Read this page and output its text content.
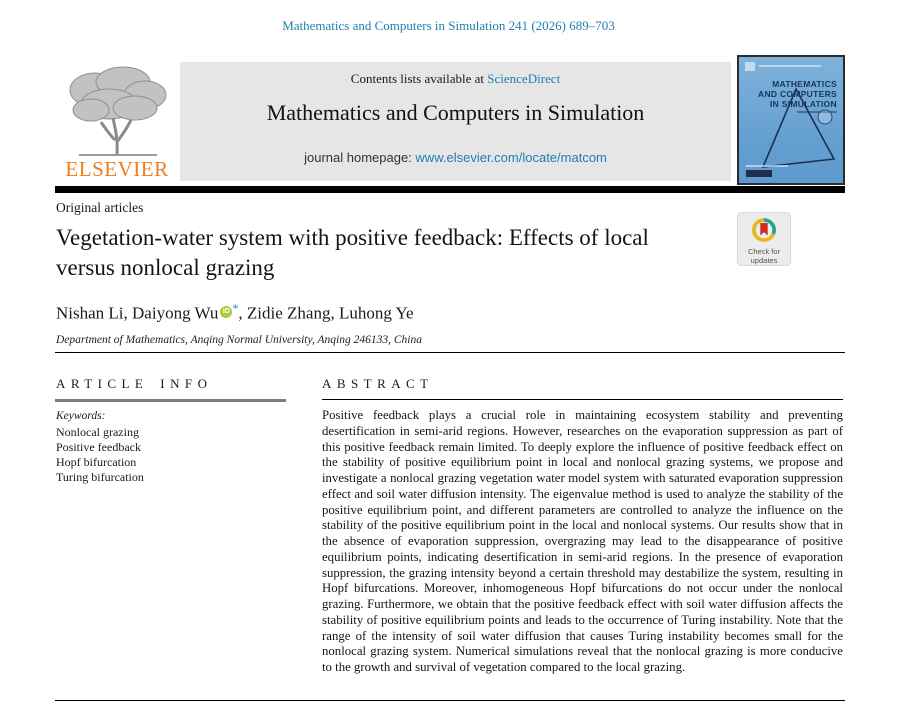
Mathematics and Computers in Simulation 241 (2026) 689–703
ELSEVIER
Contents lists available at ScienceDirect
Mathematics and Computers in Simulation
journal homepage: www.elsevier.com/locate/matcom
MATHEMATICS
AND COMPUTERS
IN SIMULATION
Original articles
Vegetation-water system with positive feedback: Effects of local versus nonlocal grazing
Check for
updates
Nishan Li, Daiyong Wu iD *, Zidie Zhang, Luhong Ye
Department of Mathematics, Anqing Normal University, Anqing 246133, China
ARTICLE INFO
Keywords:
Nonlocal grazing
Positive feedback
Hopf bifurcation
Turing bifurcation
ABSTRACT
Positive feedback plays a crucial role in maintaining ecosystem stability and preventing desertification in semi-arid regions. However, researches on the evaporation suppression as part of this positive feedback remain limited. To deeply explore the influence of positive feedback effect on the stability of positive equilibrium point in local and nonlocal grazing systems, we propose and investigate a nonlocal grazing vegetation water model system with saturated evaporation suppression effect and soil water diffusion intensity. The eigenvalue method is used to analyze the stability of the positive equilibrium point, and different parameters are controlled to analyze the influence on the stability of the positive equilibrium point in the local and nonlocal systems. Our results show that in the absence of evaporation suppression, overgrazing may lead to the disappearance of positive equilibrium points, indicating desertification in semi-arid regions. In the presence of evaporation suppression, the grazing intensity beyond a certain threshold may destabilize the system, resulting in Hopf bifurcations. Moreover, inhomogeneous Hopf bifurcations do not occur under the nonlocal grazing. Furthermore, we obtain that the positive feedback effect with soil water diffusion affects the stability of positive equilibrium points and leads to the occurrence of Turing instability. Note that the range of the intensity of soil water diffusion that causes Turing instability becomes small for the nonlocal grazing system. Numerical simulations reveal that the nonlocal grazing is more conducive to the growth and survival of vegetation compared to the local grazing.
